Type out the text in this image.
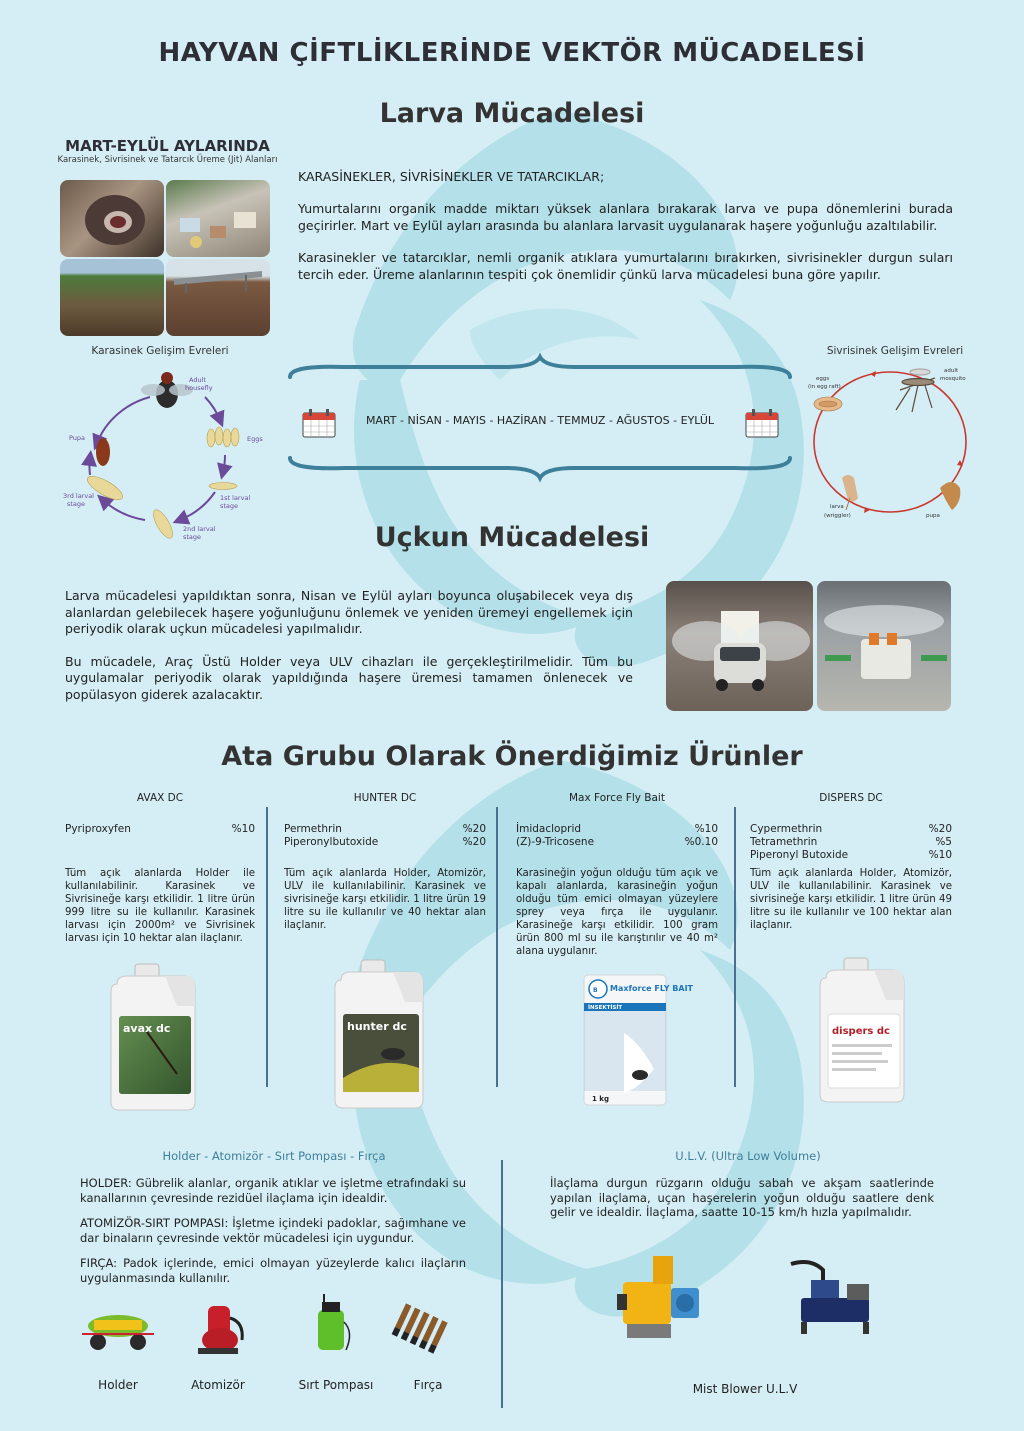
HAYVAN ÇİFTLİKLERİNDE VEKTÖR MÜCADELESİ
Larva Mücadelesi
MART-EYLÜL AYLARINDA
Karasinek, Sivrisinek ve Tatarcık Üreme (Jit) Alanları
KARASİNEKLER, SİVRİSİNEKLER VE TATARCIKLAR;
Yumurtalarını organik madde miktarı yüksek alanlara bırakarak larva ve pupa dönemlerini burada geçirirler. Mart ve Eylül ayları arasında bu alanlara larvasit uygulanarak haşere yoğunluğu azaltılabilir.
Karasinekler ve tatarcıklar, nemli organik atıklara yumurtalarını bırakırken, sivrisinekler durgun suları tercih eder. Üreme alanlarının tespiti çok önemlidir çünkü larva mücadelesi buna göre yapılır.
Karasinek Gelişim Evreleri
Adult
housefly
Eggs
1st larval
stage
2nd larval
stage
3rd larval
stage
Pupa
MART - NİSAN - MAYIS - HAZİRAN - TEMMUZ - AĞUSTOS - EYLÜL
Sivrisinek Gelişim Evreleri
eggs
(in egg raft)
adult
mosquito
pupa
larva
(wriggler)
Uçkun Mücadelesi
Larva mücadelesi yapıldıktan sonra, Nisan ve Eylül ayları boyunca oluşabilecek veya dış alanlardan gelebilecek haşere yoğunluğunu önlemek ve yeniden üremeyi engellemek için periyodik olarak uçkun mücadelesi yapılmalıdır.
Bu mücadele, Araç Üstü Holder veya ULV cihazları ile gerçekleştirilmelidir. Tüm bu uygulamalar periyodik olarak yapıldığında haşere üremesi tamamen önlenecek ve popülasyon giderek azalacaktır.
Ata Grubu Olarak Önerdiğimiz Ürünler
AVAX DC
Pyriproxyfen	%10
Tüm açık alanlarda Holder ile kullanılabilinir. Karasinek ve Sivrisineğe karşı etkilidir. 1 litre ürün 999 litre su ile kullanılır. Karasinek larvası için 2000m² ve Sivrisinek larvası için 10 hektar alan ilaçlanır.
avax dc
HUNTER DC
Permethrin	%20
Piperonylbutoxide	%20
Tüm açık alanlarda Holder, Atomizör, ULV ile kullanılabilinir. Karasinek ve sivrisineğe karşı etkilidir. 1 litre ürün 19 litre su ile kullanılır ve 40 hektar alan ilaçlanır.
hunter dc
Max Force Fly Bait
İmidacloprid	%10
(Z)-9-Tricosene	%0.10
Karasineğin yoğun olduğu tüm açık ve kapalı alanlarda, karasineğin yoğun olduğu tüm emici olmayan yüzeylere sprey veya fırça ile uygulanır. Karasineğe karşı etkilidir. 100 gram ürün 800 ml su ile karıştırılır ve 40 m² alana uygulanır.
B Maxforce FLY BAIT
İNSEKTİSİT
1 kg
DISPERS DC
Cypermethrin	%20
Tetramethrin	%5
Piperonyl Butoxide	%10
Tüm açık alanlarda Holder, Atomizör, ULV ile kullanılabilinir. Karasinek ve sivrisineğe karşı etkilidir. 1 litre ürün 49 litre su ile kullanılır ve 100 hektar alan ilaçlanır.
dispers dc
Holder - Atomizör - Sırt Pompası - Fırça
HOLDER: Gübrelik alanlar, organik atıklar ve işletme etrafındaki su kanallarının çevresinde rezidüel ilaçlama için idealdir.
ATOMİZÖR-SIRT POMPASI: İşletme içindeki padoklar, sağımhane ve dar binaların çevresinde vektör mücadelesi için uygundur.
FIRÇA: Padok içlerinde, emici olmayan yüzeylerde kalıcı ilaçların uygulanmasında kullanılır.
Holder	Atomizör	Sırt Pompası	Fırça
U.L.V. (Ultra Low Volume)
İlaçlama durgun rüzgarın olduğu sabah ve akşam saatlerinde yapılan ilaçlama, uçan haşerelerin yoğun olduğu saatlere denk gelir ve idealdir. İlaçlama, saatte 10-15 km/h hızla yapılmalıdır.
Mist Blower U.L.V
